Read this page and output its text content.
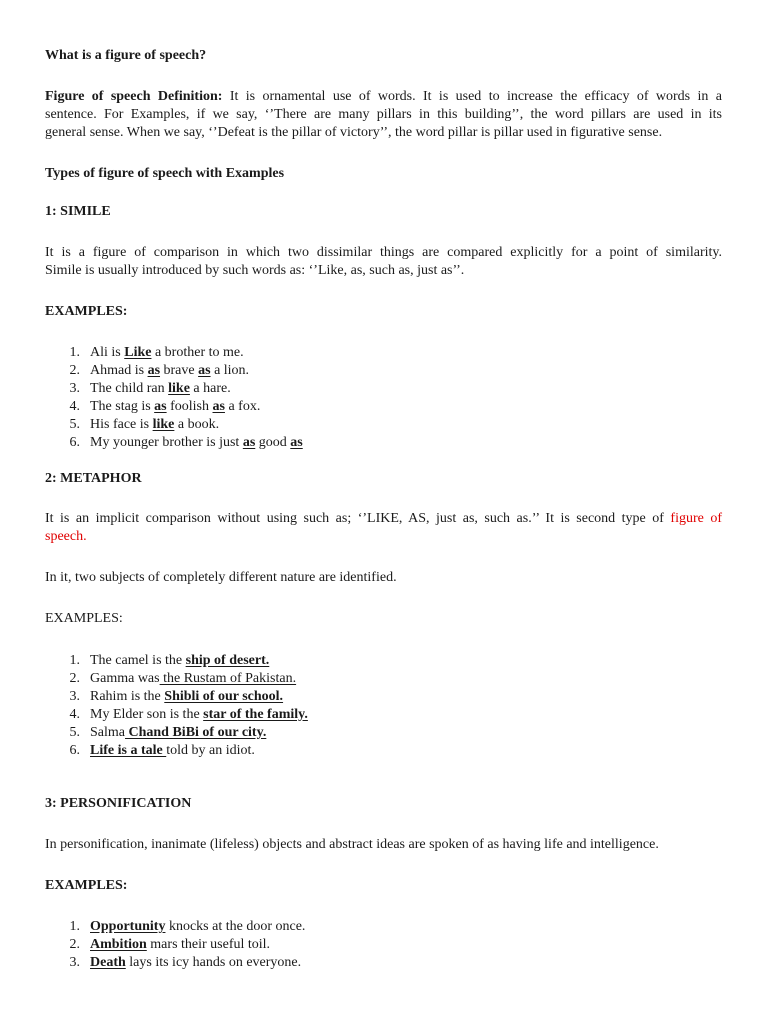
What is a figure of speech?
Figure of speech Definition: It is ornamental use of words. It is used to increase the efficacy of words in a
sentence. For Examples, if we say, ‘’There are many pillars in this building’’, the word pillars are used in its
general sense. When we say, ‘’Defeat is the pillar of victory’’, the word pillar is pillar used in figurative sense.
Types of figure of speech with Examples
1: SIMILE
It is a figure of comparison in which two dissimilar things are compared explicitly for a point of similarity.
Simile is usually introduced by such words as: ‘’Like, as, such as, just as’’.
EXAMPLES:
1. Ali is Like a brother to me.
2. Ahmad is as brave as a lion.
3. The child ran like a hare.
4. The stag is as foolish as a fox.
5. His face is like a book.
6. My younger brother is just as good as
2: METAPHOR
It is an implicit comparison without using such as; ‘’LIKE, AS, just as, such as.’’ It is second type of figure of
speech.
In it, two subjects of completely different nature are identified.
EXAMPLES:
1. The camel is the ship of desert.
2. Gamma was the Rustam of Pakistan.
3. Rahim is the Shibli of our school.
4. My Elder son is the star of the family.
5. Salma Chand BiBi of our city.
6. Life is a tale told by an idiot.
3: PERSONIFICATION
In personification, inanimate (lifeless) objects and abstract ideas are spoken of as having life and intelligence.
EXAMPLES:
1. Opportunity knocks at the door once.
2. Ambition mars their useful toil.
3. Death lays its icy hands on everyone.
